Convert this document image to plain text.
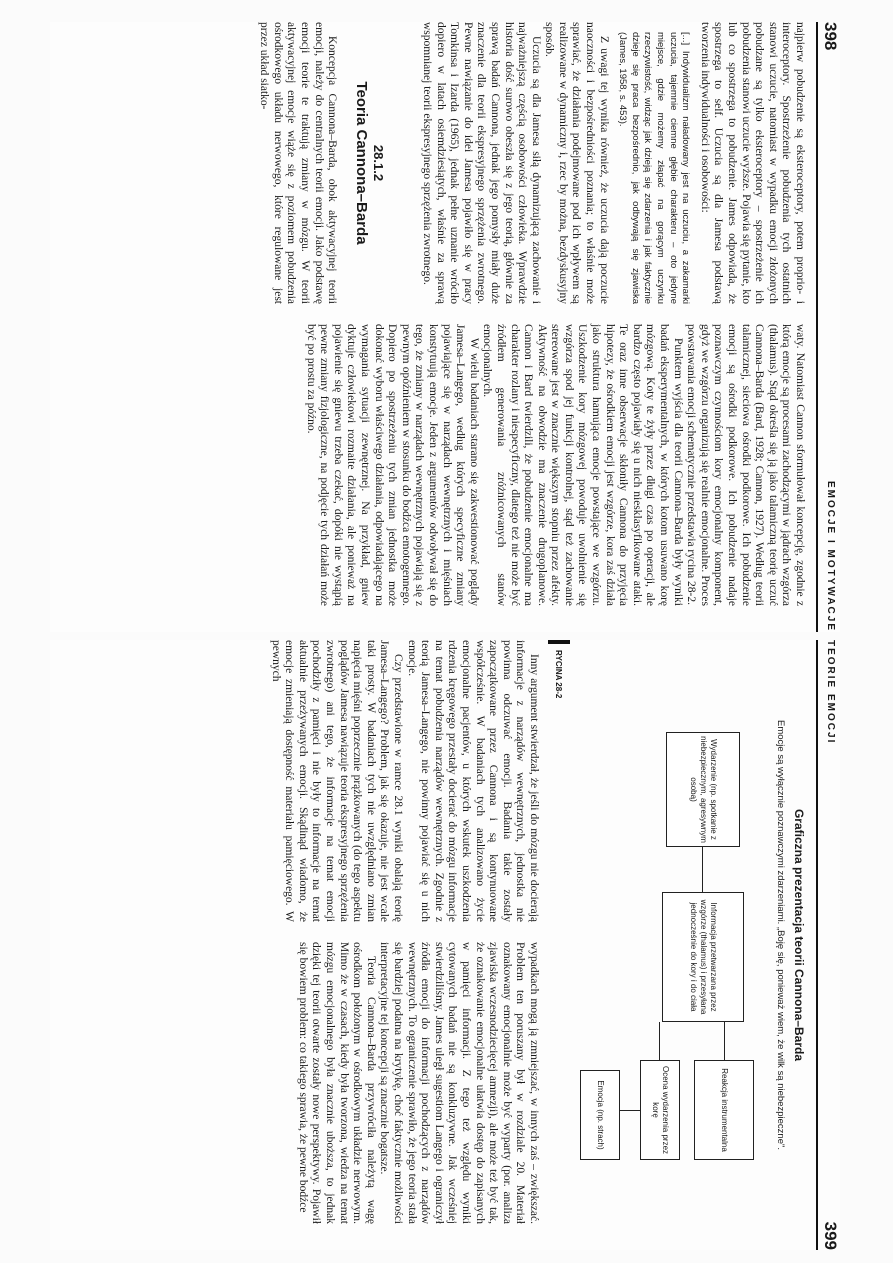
398
EMOCJE I MOTYWACJE

najpierw pobudzenie są eksteroceptory, potem proprio- i interoceptory. Spostrzeżenie pobudzenia tych ostatnich stanowi uczucie, natomiast w wypadku emocji złożonych pobudzane są tylko eksteroceptory – spostrzeżenie ich pobudzenia stanowi uczucie wyższe. Pojawia się pytanie, kto lub co spostrzega to pobudzenie. James odpowiada, że spostrzega to self. Uczucia są dla Jamesa podstawą tworzenia indywidualności i osobowości:

[...] Indywidualizm naładowany jest na uczuciu, a zakamarki uczucia, tajemnie ciemne głębie charakteru – oto jedyne miejsce, gdzie możemy złapać na gorącym uczynku rzeczywistość, widząc jak dzieją się zdarzenia i jak faktycznie dzieje się praca bezpośrednio, jak odbywają się zjawiska (James, 1958, s. 453).

Z uwagi tej wynika również, że uczucia dają poczucie naoczności i bezpośredniości poznania; to właśnie może sprawiać, że działania podejmowane pod ich wpływem są realizowane w dynamiczny i, rzec by można, bezdyskusyjny sposób.

Uczucia są dla Jamesa siłą dynamizującą zachowanie i najważniejszą częścią osobowości człowieka. Wprawdzie historia dość surowo obeszła się z jego teorią, głównie za sprawą badań Cannona, jednak jego pomysły miały duże znaczenie dla teorii ekspresyjnego sprzężenia zwrotnego. Pewne nawiązanie do idei Jamesa pojawiło się w pracy Tomkinsa i Izarda (1965), jednak pełne uznanie wróciło dopiero w latach osiemdziesiątych, właśnie za sprawą wspomnianej teorii ekspresyjnego sprzężenia zwrotnego.

28.1.2
Teoria Cannona–Barda

Koncepcja Cannona–Barda, obok aktywacyjnej teorii emocji, należy do centralnych teorii emocji. Jako podstawę emocji teorie te traktują zmiany w mózgu. W teorii aktywacyjnej emocje wiąże się z poziomem pobudzenia ośrodkowego układu nerwowego, które regulowane jest przez układ siatko-

waty. Natomiast Cannon sformułował koncepcję, zgodnie z którą emocje są procesami zachodzącymi w jądrach wzgórza (thalamus). Stąd określa się ją jako talamiczną teorię uczuć Cannona–Barda (Bard, 1928; Cannon, 1927). Według teorii talamicznej, sieciowa ośrodki podkorowe. Ich pobudzenie emocji są ośrodki podkorowe. Ich pobudzenie nadaje poznawczym czynnościom kory emocjonalny komponent, gdyż we wzgórzu organizują się realnie emocjonalne. Proces powstawania emocji schematycznie przedstawia rycina 28-2.

Punktem wyjścia dla teorii Cannona–Barda były wyniki badań eksperymentalnych, w których kotom usuwano korę mózgową. Koty te żyły przez długi czas po operacji, ale bardzo często pojawiały się u nich niesklasyfikowane ataki. Te oraz inne obserwacje skłoniły Cannona do przyjęcia hipotezy, że ośrodkiem emocji jest wzgórze, kora zaś działa jako struktura hamująca emocje powstające we wzgórzu. Uszkodzenie kory mózgowej powoduje uwolnienie się wzgórza spod jej funkcji kontrolnej, stąd też zachowanie stereowane jest w znacznie większym stopniu przez afekty. Aktywność na obwodzie ma znaczenie drugoplanowe. Cannon i Bard twierdzili, że pobudzenie emocjonalne ma charakter rozlany i niespecyficzny, dlatego też nie może być źródłem generowania zróżnicowanych stanów emocjonalnych.

W wielu badaniach starano się zakwestionować poglądy Jamesa–Langego, według których specyficzne zmiany pojawiające się w narządach wewnętrznych i mięśniach konstytuują emocje. Jeden z argumentów odwoływał się do tego, że zmiany w narządach wewnętrznych pojawiają się z pewnym opóźnieniem w stosunku do bodźca emotogennego. Dopiero po spostrzeżeniu tych zmian jednostka może dokonać wyboru właściwego działania, odpowiadającego na wymagania sytuacji zewnętrznej. Na przykład, gniew dyktuje człowiekowi rozmaite działania, ale ponieważ na pojawienie się gniewu trzeba czekać, dopóki nie wystąpią pewne zmiany fizjologiczne, na podjęcie tych działań może być po prostu za późno.

TEORIE EMOCJI
399
Graficzna prezentacja teorii Cannona–Barda
Emocje są wyłącznie poznawczymi zdarzeniami. „Boję się, ponieważ wiem, że wilk są niebezpieczne".
Reakcja instrumentalna
Ocena wydarzenia przez korę
Informacja przetwarzana przez wzgórze (thalamus) i przesyłana jednocześnie do kory i do ciała
Wydarzenie (np. spotkanie z niebezpiecznym, agresywnym osobą)
Emocja (np. strach)
RYCINA 28-2

Inny argument stwierdzał, że jeśli do mózgu nie docierają informacje z narządów wewnętrznych, jednostka nie powinna odczuwać emocji. Badania takie zostały zapoczątkowane przez Cannona i są kontynuowane współcześnie. W badaniach tych analizowano życie emocjonalne pacjentów, u których wskutek uszkodzenia rdzenia kręgowego przestały docierać do mózgu informacje na temat pobudzenia narządów wewnętrznych. Zgodnie z teorią Jamesa–Langego, nie powinny pojawiać się u nich emocje.

Czy przedstawione w ramce 28.1 wyniki obalają teorię Jamesa–Langego? Problem, jak się okazuje, nie jest wcale taki prosty. W badaniach tych nie uwzględniano zmian napięcia mięśni poprzecznie prążkowanych (do tego aspektu poglądów Jamesa nawiązuje teoria ekspresyjnego sprzężenia zwrotnego) ani tego, że informacje na temat emocji pochodziły z pamięci i nie były to informacje na temat aktualnie przeżywanych emocji. Skądinąd wiadomo, że emocje zmieniają dostępność materiału pamięciowego. W pewnych

wypadkach mogą ją zmniejszać, w innych zaś – zwiększać. Problem ten poruszany był w rozdziale 20. Materiał oznakowany emocjonalnie może być wyparty (por. analiza zjawiska wczesnodziecięcej amnezji), ale może też być tak, że oznakowanie emocjonalne ułatwia dostęp do zapisanych w pamięci informacji. Z tego też względu wyniki cytowanych badań nie są konkluzywne. Jak wcześniej stwierdziliśmy, James uległ sugestiom Langego i ograniczył źródła emocji do informacji pochodzących z narządów wewnętrznych. To ograniczenie sprawiło, że jego teoria stała się bardziej podatna na krytykę, choć faktycznie możliwości interpretacyjne tej koncepcji są znacznie bogatsze.

Teoria Cannona–Barda przywróciła należytą wagę ośrodkom położonym w ośrodkowym układzie nerwowym. Mimo że w czasach, kiedy była tworzona, wiedza na temat mózgu emocjonalnego była znacznie uboższa, to jednak dzięki tej teorii otwarte zostały nowe perspektywy. Pojawił się bowiem problem: co takiego sprawia, że pewne bodźce
